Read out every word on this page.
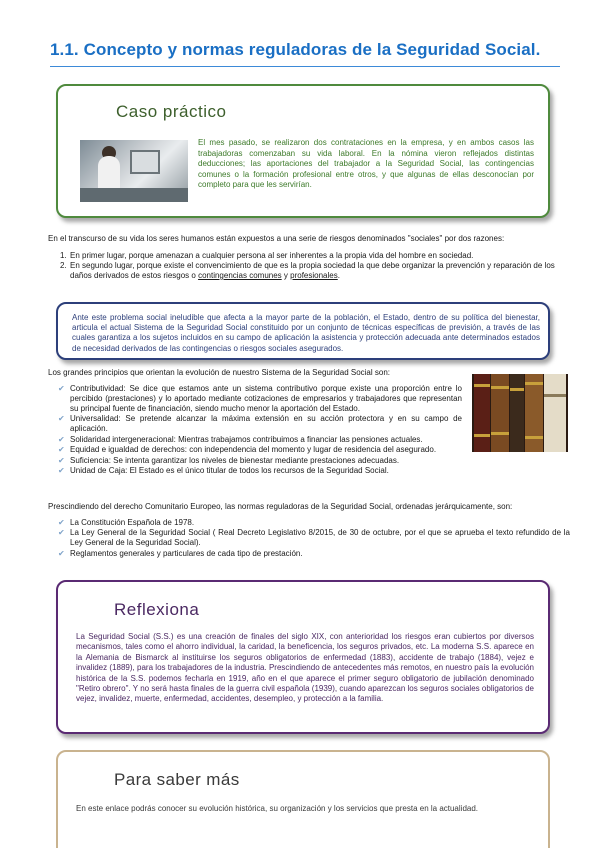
1.1. Concepto y normas reguladoras de la Seguridad Social.
Caso práctico

El mes pasado, se realizaron dos contrataciones en la empresa, y en ambos casos las trabajadoras comenzaban su vida laboral. En la nómina vieron reflejados distintas deducciones; las aportaciones del trabajador a la Seguridad Social, las contingencias comunes o la formación profesional entre otros, y que algunas de ellas desconocían por completo para que les servirían.

En el transcurso de su vida los seres humanos están expuestos a una serie de riesgos denominados "sociales" por dos razones:

1. En primer lugar, porque amenazan a cualquier persona al ser inherentes a la propia vida del hombre en sociedad.
2. En segundo lugar, porque existe el convencimiento de que es la propia sociedad la que debe organizar la prevención y reparación de los daños derivados de estos riesgos o contingencias comunes y profesionales.

Ante este problema social ineludible que afecta a la mayor parte de la población, el Estado, dentro de su política del bienestar, articula el actual Sistema de la Seguridad Social constituido por un conjunto de técnicas específicas de previsión, a través de las cuales garantiza a los sujetos incluidos en su campo de aplicación la asistencia y protección adecuada ante determinados estados de necesidad derivados de las contingencias o riesgos sociales asegurados.

Los grandes principios que orientan la evolución de nuestro Sistema de la Seguridad Social son:

✔ Contributividad: Se dice que estamos ante un sistema contributivo porque existe una proporción entre lo percibido (prestaciones) y lo aportado mediante cotizaciones de empresarios y trabajadores que representan su principal fuente de financiación, siendo mucho menor la aportación del Estado.
✔ Universalidad: Se pretende alcanzar la máxima extensión en su acción protectora y en su campo de aplicación.
✔ Solidaridad intergeneracional: Mientras trabajamos contribuimos a financiar las pensiones actuales.
✔ Equidad e igualdad de derechos: con independencia del momento y lugar de residencia del asegurado.
✔ Suficiencia: Se intenta garantizar los niveles de bienestar mediante prestaciones adecuadas.
✔ Unidad de Caja: El Estado es el único titular de todos los recursos de la Seguridad Social.

Prescindiendo del derecho Comunitario Europeo, las normas reguladoras de la Seguridad Social, ordenadas jerárquicamente, son:

✔ La Constitución Española de 1978.
✔ La Ley General de la Seguridad Social ( Real Decreto Legislativo 8/2015, de 30 de octubre, por el que se aprueba el texto refundido de la Ley General de la Seguridad Social).
✔ Reglamentos generales y particulares de cada tipo de prestación.
Reflexiona

La Seguridad Social (S.S.) es una creación de finales del siglo XIX, con anterioridad los riesgos eran cubiertos por diversos mecanismos, tales como el ahorro individual, la caridad, la beneficencia, los seguros privados, etc. La moderna S.S. aparece en la Alemania de Bismarck al instituirse los seguros obligatorios de enfermedad (1883), accidente de trabajo (1884), vejez e invalidez (1889), para los trabajadores de la industria. Prescindiendo de antecedentes más remotos, en nuestro país la evolución histórica de la S.S. podemos fecharla en 1919, año en el que aparece el primer seguro obligatorio de jubilación denominado "Retiro obrero". Y no será hasta finales de la guerra civil española (1939), cuando aparezcan los seguros sociales obligatorios de vejez, invalidez, muerte, enfermedad, accidentes, desempleo, y protección a la familia.

Para saber más

En este enlace podrás conocer su evolución histórica, su organización y los servicios que presta en la actualidad.
